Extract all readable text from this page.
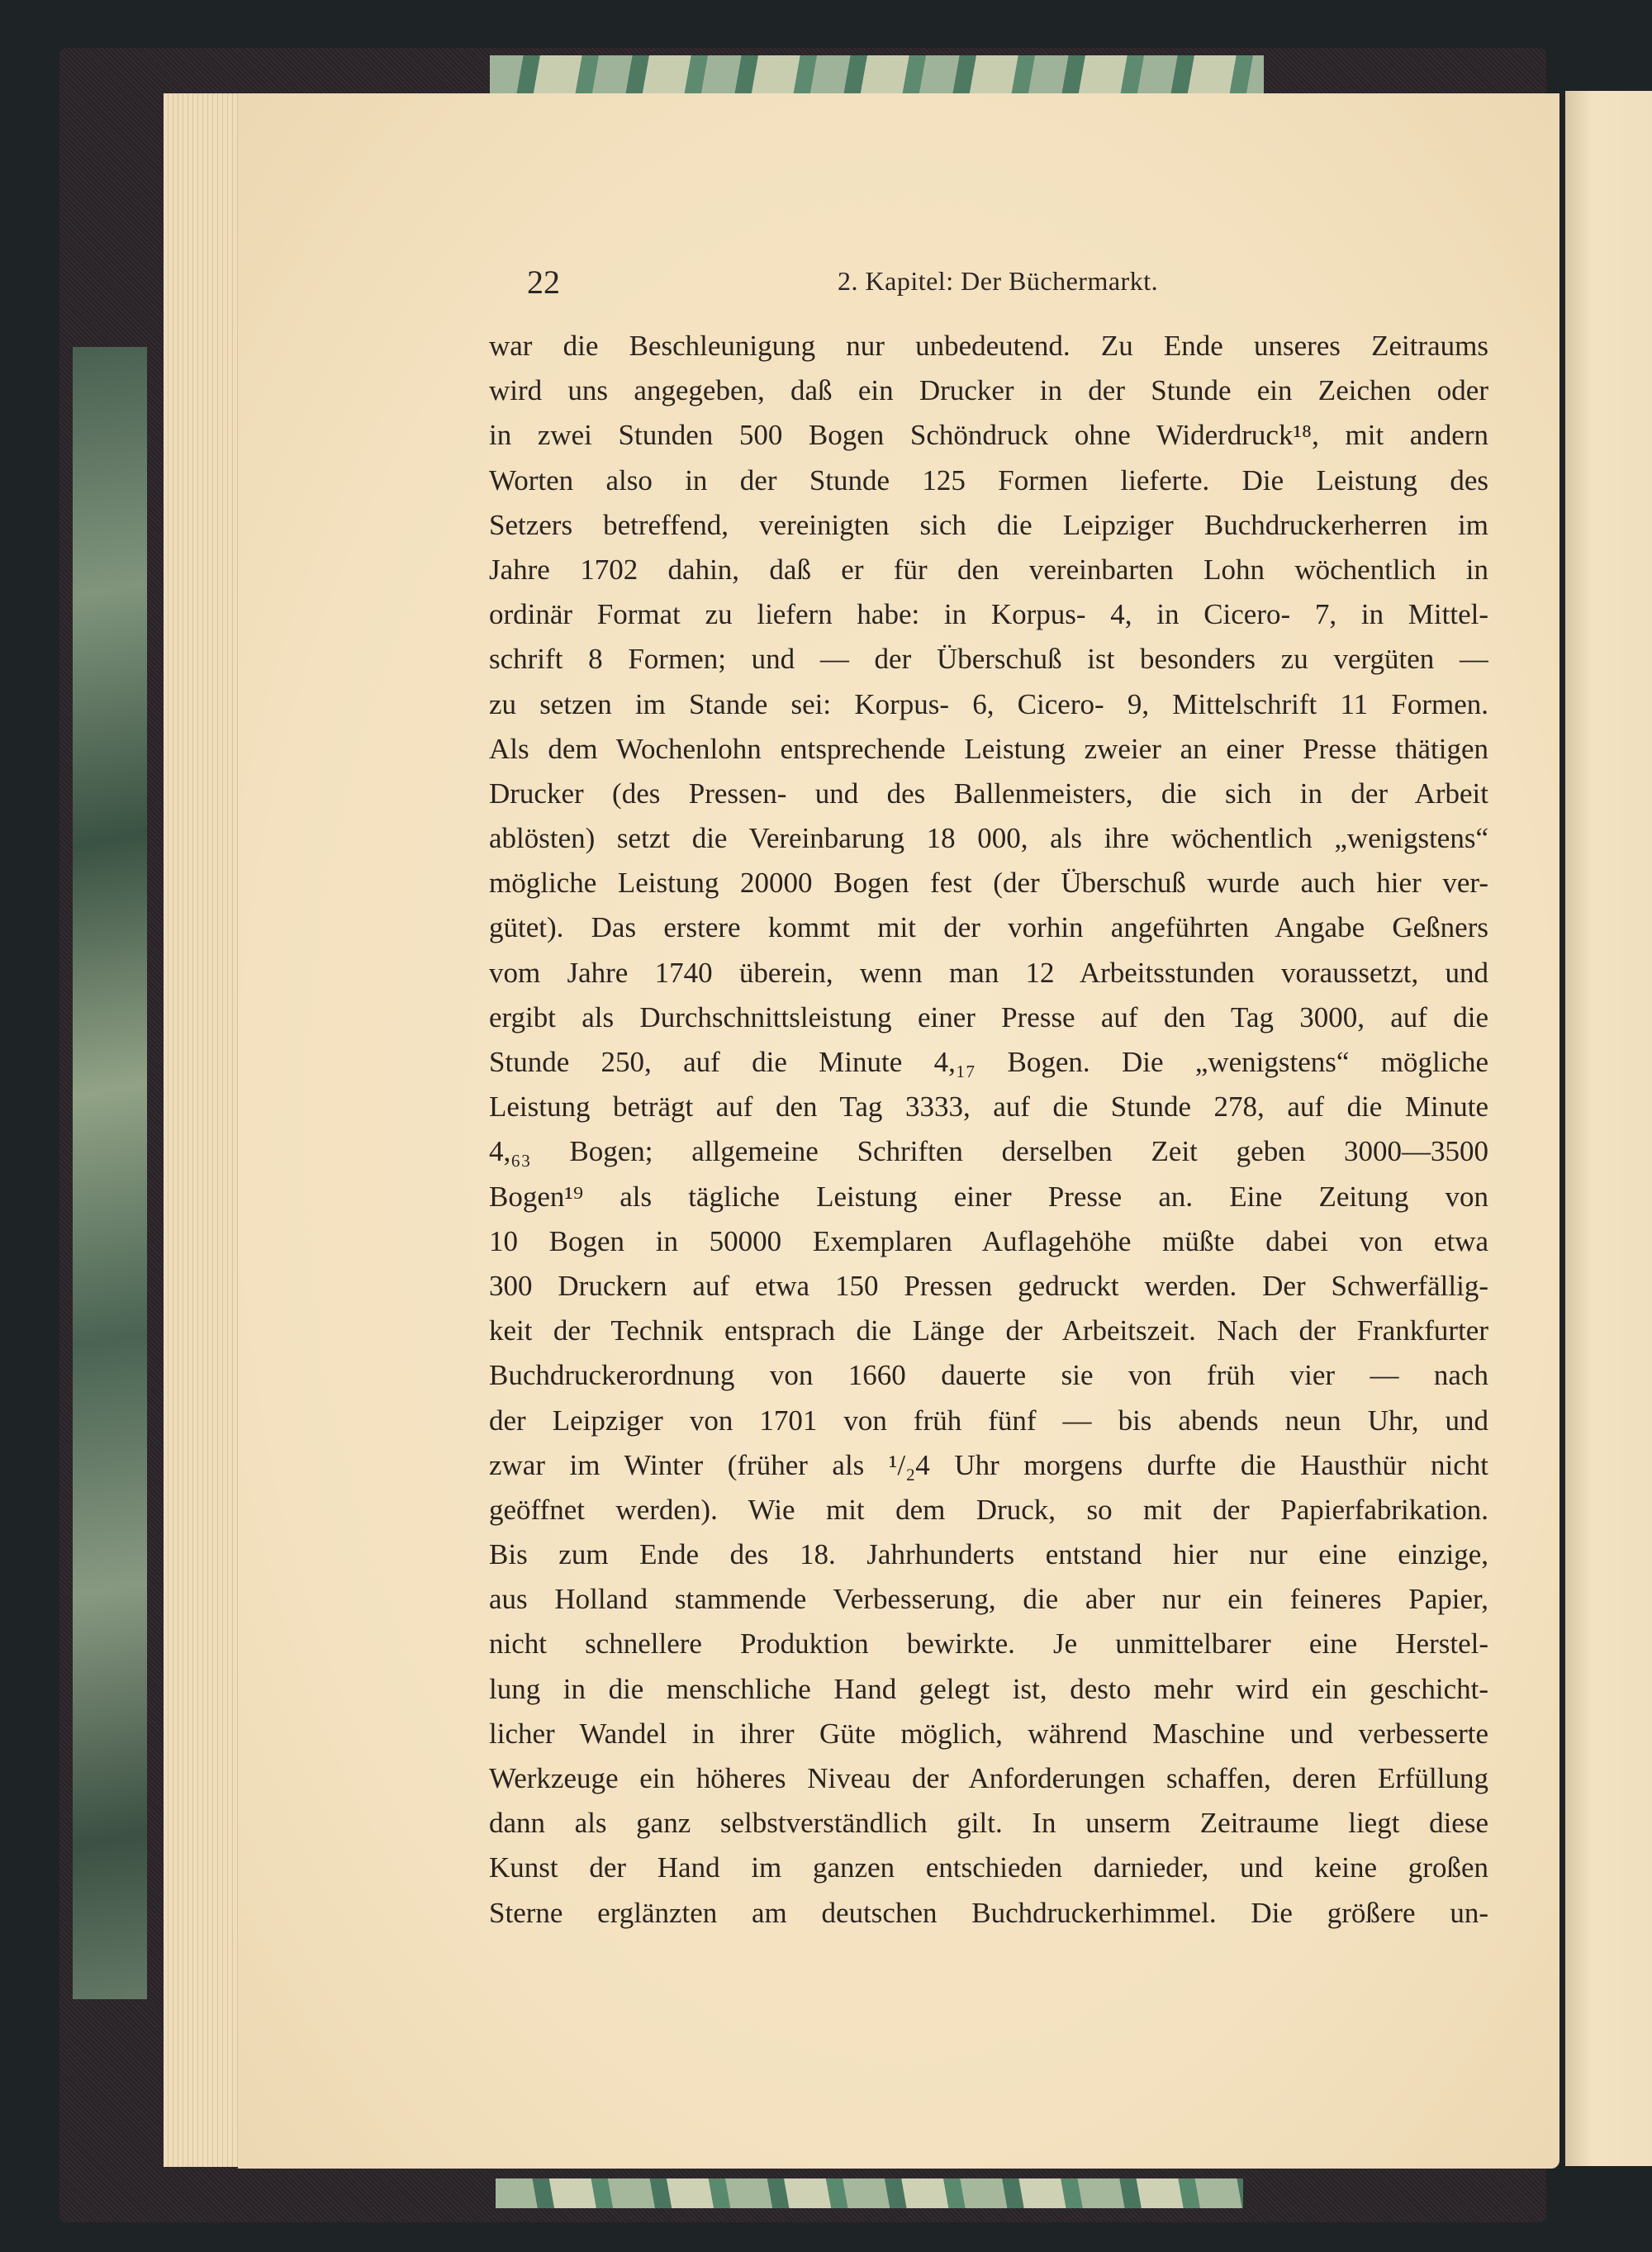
22	2. Kapitel: Der Büchermarkt.
war die Beschleunigung nur unbedeutend. Zu Ende unseres Zeitraums
wird uns angegeben, daß ein Drucker in der Stunde ein Zeichen oder
in zwei Stunden 500 Bogen Schöndruck ohne Widerdruck¹⁸, mit andern
Worten also in der Stunde 125 Formen lieferte. Die Leistung des
Setzers betreffend, vereinigten sich die Leipziger Buchdruckerherren im
Jahre 1702 dahin, daß er für den vereinbarten Lohn wöchentlich in
ordinär Format zu liefern habe: in Korpus- 4, in Cicero- 7, in Mittel-
schrift 8 Formen; und — der Überschuß ist besonders zu vergüten —
zu setzen im Stande sei: Korpus- 6, Cicero- 9, Mittelschrift 11 Formen.
Als dem Wochenlohn entsprechende Leistung zweier an einer Presse thätigen
Drucker (des Pressen- und des Ballenmeisters, die sich in der Arbeit
ablösten) setzt die Vereinbarung 18 000, als ihre wöchentlich „wenigstens“
mögliche Leistung 20000 Bogen fest (der Überschuß wurde auch hier ver-
gütet). Das erstere kommt mit der vorhin angeführten Angabe Geßners
vom Jahre 1740 überein, wenn man 12 Arbeitsstunden voraussetzt, und
ergibt als Durchschnittsleistung einer Presse auf den Tag 3000, auf die
Stunde 250, auf die Minute 4,₁₇ Bogen. Die „wenigstens“ mögliche
Leistung beträgt auf den Tag 3333, auf die Stunde 278, auf die Minute
4,₆₃ Bogen; allgemeine Schriften derselben Zeit geben 3000—3500
Bogen¹⁹ als tägliche Leistung einer Presse an. Eine Zeitung von
10 Bogen in 50000 Exemplaren Auflagehöhe müßte dabei von etwa
300 Druckern auf etwa 150 Pressen gedruckt werden. Der Schwerfällig-
keit der Technik entsprach die Länge der Arbeitszeit. Nach der Frankfurter
Buchdruckerordnung von 1660 dauerte sie von früh vier — nach
der Leipziger von 1701 von früh fünf — bis abends neun Uhr, und
zwar im Winter (früher als ¹/₂4 Uhr morgens durfte die Hausthür nicht
geöffnet werden). Wie mit dem Druck, so mit der Papierfabrikation.
Bis zum Ende des 18. Jahrhunderts entstand hier nur eine einzige,
aus Holland stammende Verbesserung, die aber nur ein feineres Papier,
nicht schnellere Produktion bewirkte. Je unmittelbarer eine Herstel-
lung in die menschliche Hand gelegt ist, desto mehr wird ein geschicht-
licher Wandel in ihrer Güte möglich, während Maschine und verbesserte
Werkzeuge ein höheres Niveau der Anforderungen schaffen, deren Erfüllung
dann als ganz selbstverständlich gilt. In unserm Zeitraume liegt diese
Kunst der Hand im ganzen entschieden darnieder, und keine großen
Sterne erglänzten am deutschen Buchdruckerhimmel. Die größere un-
